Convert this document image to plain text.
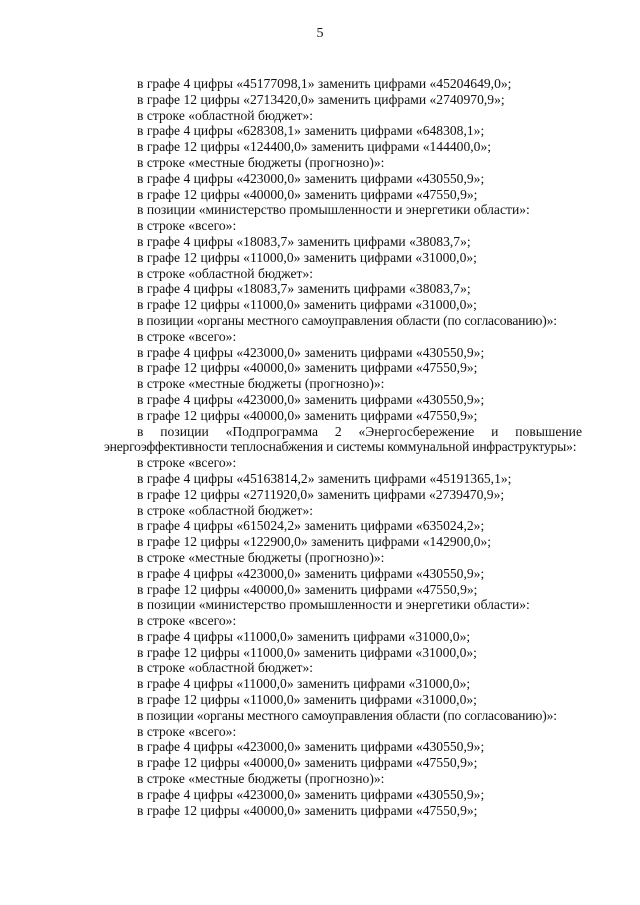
5
в графе 4 цифры «45177098,1» заменить цифрами «45204649,0»;
в графе 12 цифры «2713420,0» заменить цифрами «2740970,9»;
в строке «областной бюджет»:
в графе 4 цифры «628308,1» заменить цифрами «648308,1»;
в графе 12 цифры «124400,0» заменить цифрами «144400,0»;
в строке «местные бюджеты (прогнозно)»:
в графе 4 цифры «423000,0» заменить цифрами «430550,9»;
в графе 12 цифры «40000,0» заменить цифрами «47550,9»;
в позиции «министерство промышленности и энергетики области»:
в строке «всего»:
в графе 4 цифры «18083,7» заменить цифрами «38083,7»;
в графе 12 цифры «11000,0» заменить цифрами «31000,0»;
в строке «областной бюджет»:
в графе 4 цифры «18083,7» заменить цифрами «38083,7»;
в графе 12 цифры «11000,0» заменить цифрами «31000,0»;
в позиции «органы местного самоуправления области (по согласованию)»:
в строке «всего»:
в графе 4 цифры «423000,0» заменить цифрами «430550,9»;
в графе 12 цифры «40000,0» заменить цифрами «47550,9»;
в строке «местные бюджеты (прогнозно)»:
в графе 4 цифры «423000,0» заменить цифрами «430550,9»;
в графе 12 цифры «40000,0» заменить цифрами «47550,9»;
в позиции «Подпрограмма 2 «Энергосбережение и повышение
энергоэффективности теплоснабжения и системы коммунальной инфраструктуры»:
в строке «всего»:
в графе 4 цифры «45163814,2» заменить цифрами «45191365,1»;
в графе 12 цифры «2711920,0» заменить цифрами «2739470,9»;
в строке «областной бюджет»:
в графе 4 цифры «615024,2» заменить цифрами «635024,2»;
в графе 12 цифры «122900,0» заменить цифрами «142900,0»;
в строке «местные бюджеты (прогнозно)»:
в графе 4 цифры «423000,0» заменить цифрами «430550,9»;
в графе 12 цифры «40000,0» заменить цифрами «47550,9»;
в позиции «министерство промышленности и энергетики области»:
в строке «всего»:
в графе 4 цифры «11000,0» заменить цифрами «31000,0»;
в графе 12 цифры «11000,0» заменить цифрами «31000,0»;
в строке «областной бюджет»:
в графе 4 цифры «11000,0» заменить цифрами «31000,0»;
в графе 12 цифры «11000,0» заменить цифрами «31000,0»;
в позиции «органы местного самоуправления области (по согласованию)»:
в строке «всего»:
в графе 4 цифры «423000,0» заменить цифрами «430550,9»;
в графе 12 цифры «40000,0» заменить цифрами «47550,9»;
в строке «местные бюджеты (прогнозно)»:
в графе 4 цифры «423000,0» заменить цифрами «430550,9»;
в графе 12 цифры «40000,0» заменить цифрами «47550,9»;
